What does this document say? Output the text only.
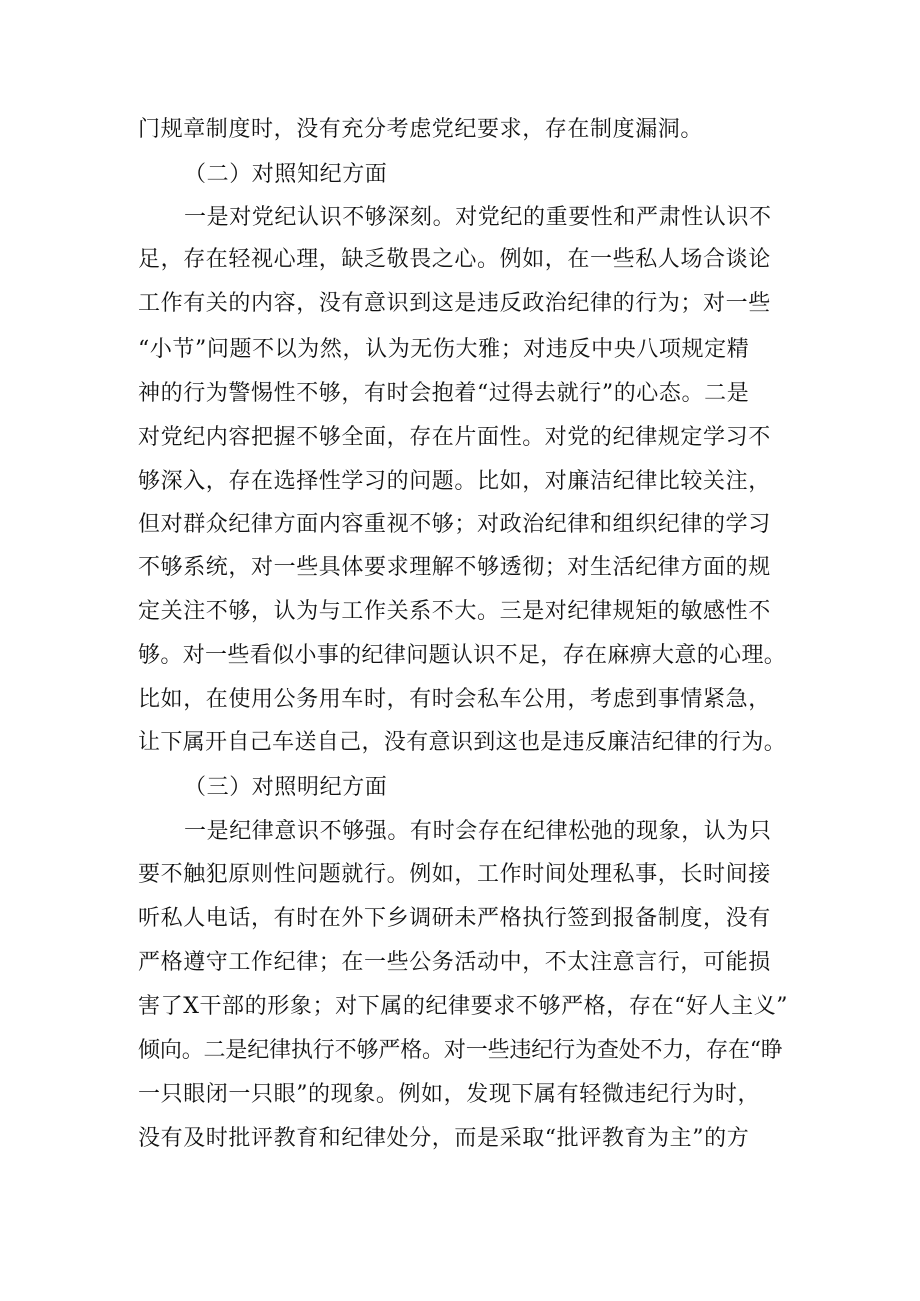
门规章制度时，没有充分考虑党纪要求，存在制度漏洞。
（二）对照知纪方面
一是对党纪认识不够深刻。对党纪的重要性和严肃性认识不
足，存在轻视心理，缺乏敬畏之心。例如，在一些私人场合谈论
工作有关的内容，没有意识到这是违反政治纪律的行为；对一些
“小节”问题不以为然，认为无伤大雅；对违反中央八项规定精
神的行为警惕性不够，有时会抱着“过得去就行”的心态。二是
对党纪内容把握不够全面，存在片面性。对党的纪律规定学习不
够深入，存在选择性学习的问题。比如，对廉洁纪律比较关注，
但对群众纪律方面内容重视不够；对政治纪律和组织纪律的学习
不够系统，对一些具体要求理解不够透彻；对生活纪律方面的规
定关注不够，认为与工作关系不大。三是对纪律规矩的敏感性不
够。对一些看似小事的纪律问题认识不足，存在麻痹大意的心理。
比如，在使用公务用车时，有时会私车公用，考虑到事情紧急，
让下属开自己车送自己，没有意识到这也是违反廉洁纪律的行为。
（三）对照明纪方面
一是纪律意识不够强。有时会存在纪律松弛的现象，认为只
要不触犯原则性问题就行。例如，工作时间处理私事，长时间接
听私人电话，有时在外下乡调研未严格执行签到报备制度，没有
严格遵守工作纪律；在一些公务活动中，不太注意言行，可能损
害了X干部的形象；对下属的纪律要求不够严格，存在“好人主义”
倾向。二是纪律执行不够严格。对一些违纪行为查处不力，存在“睁
一只眼闭一只眼”的现象。例如，发现下属有轻微违纪行为时，
没有及时批评教育和纪律处分，而是采取“批评教育为主”的方
